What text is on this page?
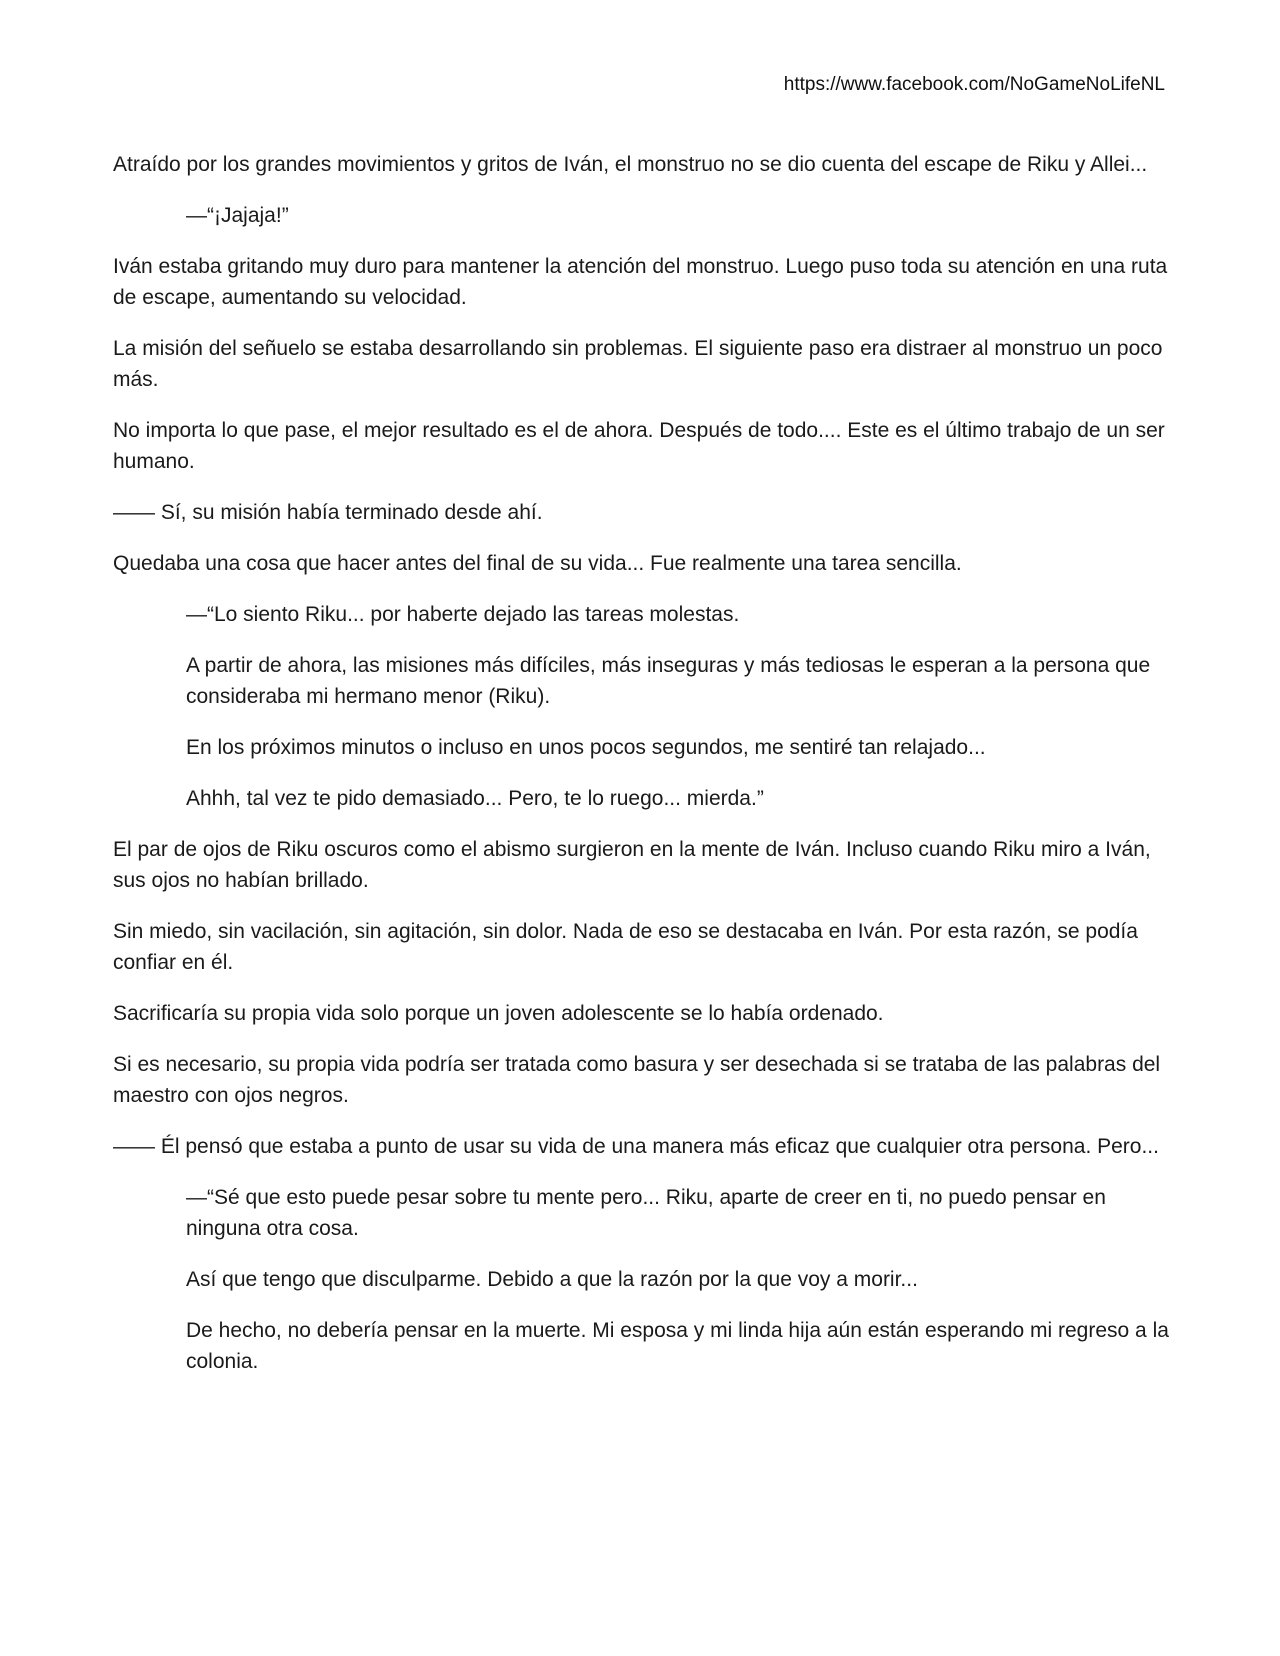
https://www.facebook.com/NoGameNoLifeNL

Atraído por los grandes movimientos y gritos de Iván, el monstruo no se dio cuenta del escape de Riku y Allei...

—“¡Jajaja!”

Iván estaba gritando muy duro para mantener la atención del monstruo. Luego puso toda su atención en una ruta de escape, aumentando su velocidad.

La misión del señuelo se estaba desarrollando sin problemas. El siguiente paso era distraer al monstruo un poco más.

No importa lo que pase, el mejor resultado es el de ahora. Después de todo.... Este es el último trabajo de un ser humano.

—— Sí, su misión había terminado desde ahí.

Quedaba una cosa que hacer antes del final de su vida... Fue realmente una tarea sencilla.

—“Lo siento Riku... por haberte dejado las tareas molestas.

A partir de ahora, las misiones más difíciles, más inseguras y más tediosas le esperan a la persona que consideraba mi hermano menor (Riku).

En los próximos minutos o incluso en unos pocos segundos, me sentiré tan relajado...

Ahhh, tal vez te pido demasiado... Pero, te lo ruego... mierda.”

El par de ojos de Riku oscuros como el abismo surgieron en la mente de Iván. Incluso cuando Riku miro a Iván, sus ojos no habían brillado.

Sin miedo, sin vacilación, sin agitación, sin dolor. Nada de eso se destacaba en Iván. Por esta razón, se podía confiar en él.

Sacrificaría su propia vida solo porque un joven adolescente se lo había ordenado.

Si es necesario, su propia vida podría ser tratada como basura y ser desechada si se trataba de las palabras del maestro con ojos negros.

—— Él pensó que estaba a punto de usar su vida de una manera más eficaz que cualquier otra persona. Pero...

—“Sé que esto puede pesar sobre tu mente pero... Riku, aparte de creer en ti, no puedo pensar en ninguna otra cosa.

Así que tengo que disculparme. Debido a que la razón por la que voy a morir...

De hecho, no debería pensar en la muerte. Mi esposa y mi linda hija aún están esperando mi regreso a la colonia.
